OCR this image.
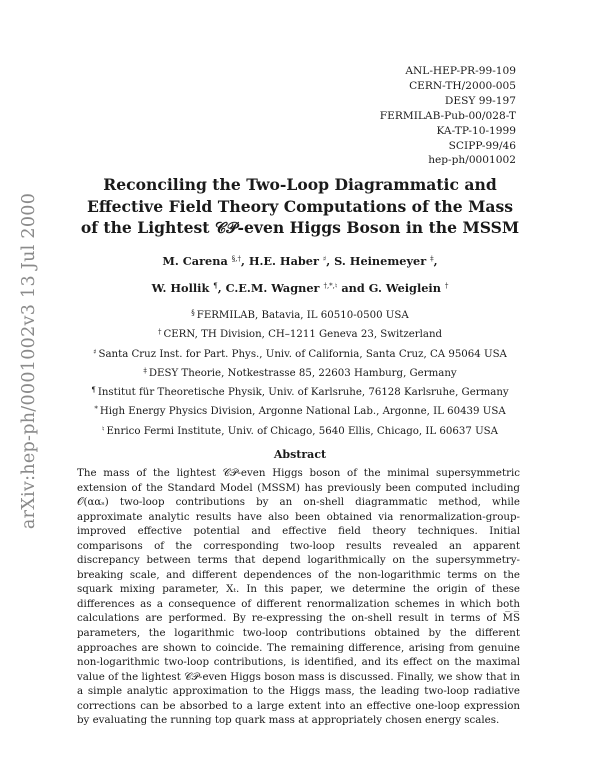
arXiv:hep-ph/0001002v3 13 Jul 2000
ANL-HEP-PR-99-109
CERN-TH/2000-005
DESY 99-197
FERMILAB-Pub-00/028-T
KA-TP-10-1999
SCIPP-99/46
hep-ph/0001002
Reconciling the Two-Loop Diagrammatic and
Effective Field Theory Computations of the Mass
of the Lightest 𝒞𝒫-even Higgs Boson in the MSSM
M. Carena §,†, H.E. Haber ♯, S. Heinemeyer ‡,
W. Hollik ¶, C.E.M. Wagner †,*,♮ and G. Weiglein †
§ FERMILAB, Batavia, IL 60510-0500 USA
† CERN, TH Division, CH–1211 Geneva 23, Switzerland
♯ Santa Cruz Inst. for Part. Phys., Univ. of California, Santa Cruz, CA 95064 USA
‡ DESY Theorie, Notkestrasse 85, 22603 Hamburg, Germany
¶ Institut für Theoretische Physik, Univ. of Karlsruhe, 76128 Karlsruhe, Germany
* High Energy Physics Division, Argonne National Lab., Argonne, IL 60439 USA
♮ Enrico Fermi Institute, Univ. of Chicago, 5640 Ellis, Chicago, IL 60637 USA
Abstract
The mass of the lightest 𝒞𝒫-even Higgs boson of the minimal supersymmetric extension of the Standard Model (MSSM) has previously been computed including 𝒪(ααₛ) two-loop contributions by an on-shell diagrammatic method, while approximate analytic results have also been obtained via renormalization-group-improved effective potential and effective field theory techniques. Initial comparisons of the corresponding two-loop results revealed an apparent discrepancy between terms that depend logarithmically on the supersymmetry-breaking scale, and different dependences of the non-logarithmic terms on the squark mixing parameter, Xₜ. In this paper, we determine the origin of these differences as a consequence of different renormalization schemes in which both calculations are performed. By re-expressing the on-shell result in terms of M̅S̅ parameters, the logarithmic two-loop contributions obtained by the different approaches are shown to coincide. The remaining difference, arising from genuine non-logarithmic two-loop contributions, is identified, and its effect on the maximal value of the lightest 𝒞𝒫-even Higgs boson mass is discussed. Finally, we show that in a simple analytic approximation to the Higgs mass, the leading two-loop radiative corrections can be absorbed to a large extent into an effective one-loop expression by evaluating the running top quark mass at appropriately chosen energy scales.
